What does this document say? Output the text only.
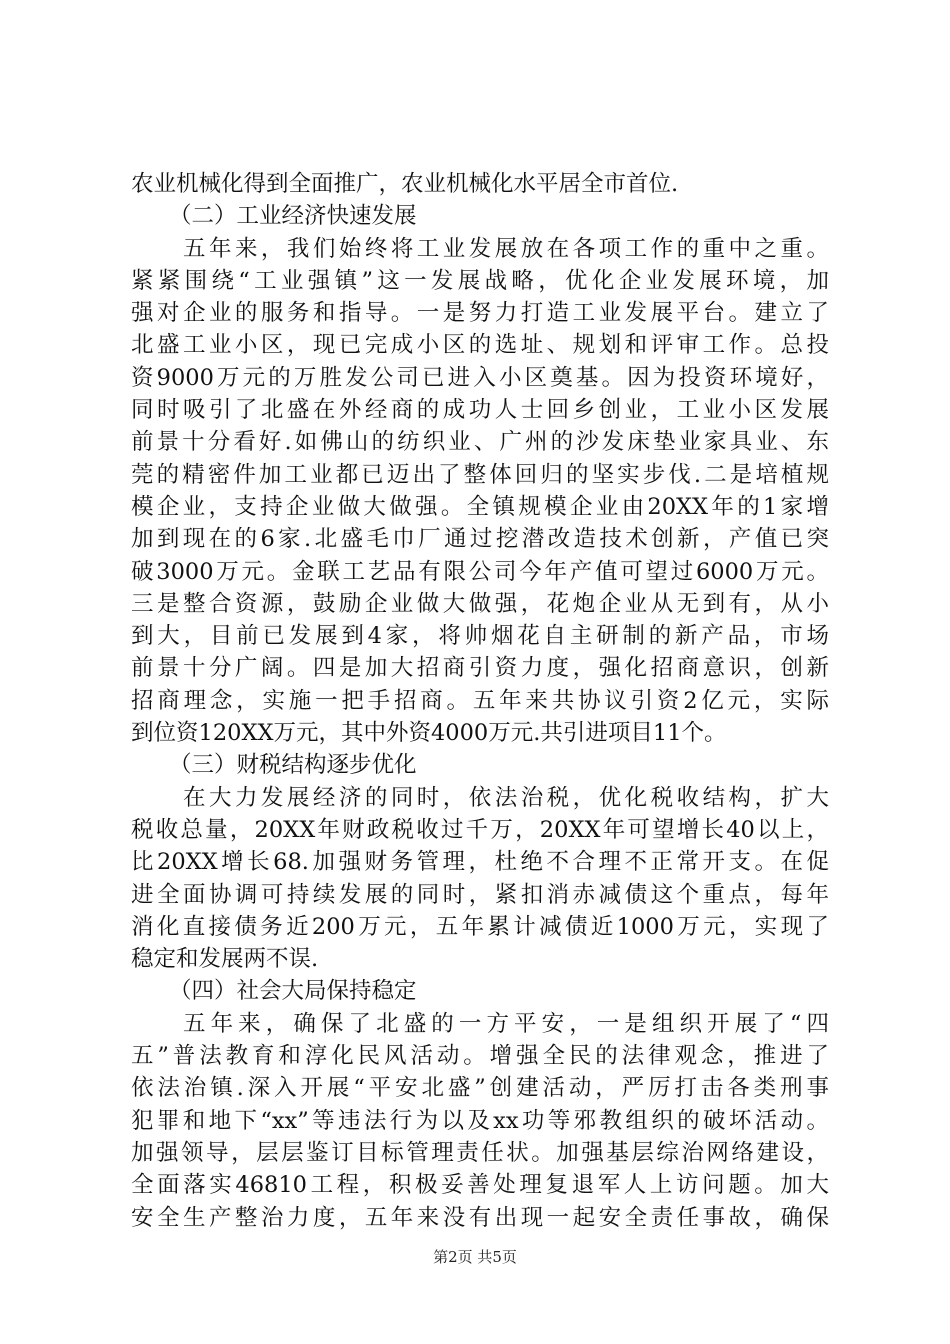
农业机械化得到全面推广，农业机械化水平居全市首位.
（二）工业经济快速发展
五年来，我们始终将工业发展放在各项工作的重中之重。
紧紧围绕“工业强镇”这一发展战略，优化企业发展环境，加
强对企业的服务和指导。一是努力打造工业发展平台。建立了
北盛工业小区，现已完成小区的选址、规划和评审工作。总投
资9000万元的万胜发公司已进入小区奠基。因为投资环境好，
同时吸引了北盛在外经商的成功人士回乡创业，工业小区发展
前景十分看好.如佛山的纺织业、广州的沙发床垫业家具业、东
莞的精密件加工业都已迈出了整体回归的坚实步伐.二是培植规
模企业，支持企业做大做强。全镇规模企业由20XX年的1家增
加到现在的6家.北盛毛巾厂通过挖潜改造技术创新，产值已突
破3000万元。金联工艺品有限公司今年产值可望过6000万元。
三是整合资源，鼓励企业做大做强，花炮企业从无到有，从小
到大，目前已发展到4家，将帅烟花自主研制的新产品，市场
前景十分广阔。四是加大招商引资力度，强化招商意识，创新
招商理念，实施一把手招商。五年来共协议引资2亿元，实际
到位资120XX万元，其中外资4000万元.共引进项目11个。
（三）财税结构逐步优化
在大力发展经济的同时，依法治税，优化税收结构，扩大
税收总量，20XX年财政税收过千万，20XX年可望增长40以上，
比20XX增长68.加强财务管理，杜绝不合理不正常开支。在促
进全面协调可持续发展的同时，紧扣消赤减债这个重点，每年
消化直接债务近200万元，五年累计减债近1000万元，实现了
稳定和发展两不误.
（四）社会大局保持稳定
五年来，确保了北盛的一方平安，一是组织开展了“四
五”普法教育和淳化民风活动。增强全民的法律观念，推进了
依法治镇.深入开展“平安北盛”创建活动，严厉打击各类刑事
犯罪和地下“xx”等违法行为以及xx功等邪教组织的破坏活动。
加强领导，层层鉴订目标管理责任状。加强基层综治网络建设，
全面落实46810工程，积极妥善处理复退军人上访问题。加大
安全生产整治力度，五年来没有出现一起安全责任事故，确保
第2页 共5页
